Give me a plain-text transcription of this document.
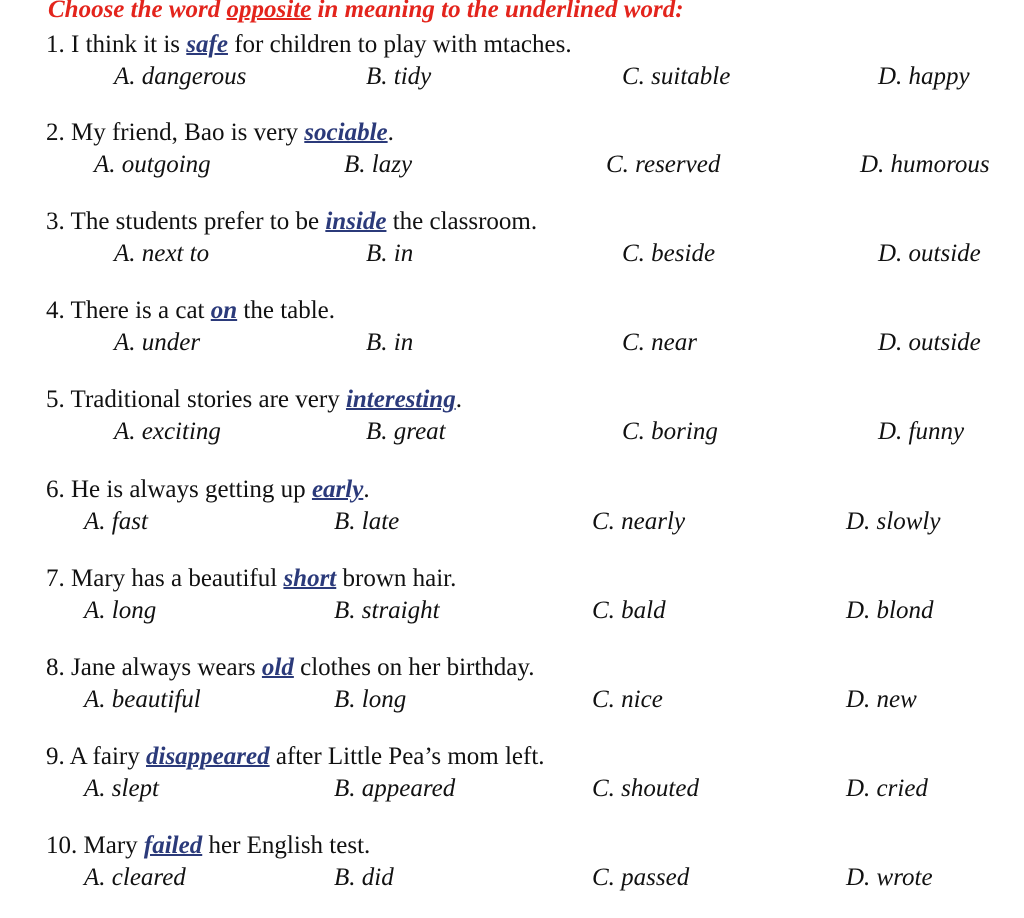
Choose the word opposite in meaning to the underlined word:
1. I think it is safe for children to play with mtaches.
A. dangerous	B. tidy	C. suitable	D. happy
2. My friend, Bao is very sociable.
A. outgoing	B. lazy	C. reserved	D. humorous
3. The students prefer to be inside the classroom.
A. next to	B. in	C. beside	D. outside
4. There is a cat on the table.
A. under	B. in	C. near	D. outside
5. Traditional stories are very interesting.
A. exciting	B. great	C. boring	D. funny
6. He is always getting up early.
A. fast	B. late	C. nearly	D. slowly
7. Mary has a beautiful short brown hair.
A. long	B. straight	C. bald	D. blond
8. Jane always wears old clothes on her birthday.
A. beautiful	B. long	C. nice	D. new
9. A fairy disappeared after Little Pea’s mom left.
A. slept	B. appeared	C. shouted	D. cried
10. Mary failed her English test.
A. cleared	B. did	C. passed	D. wrote
